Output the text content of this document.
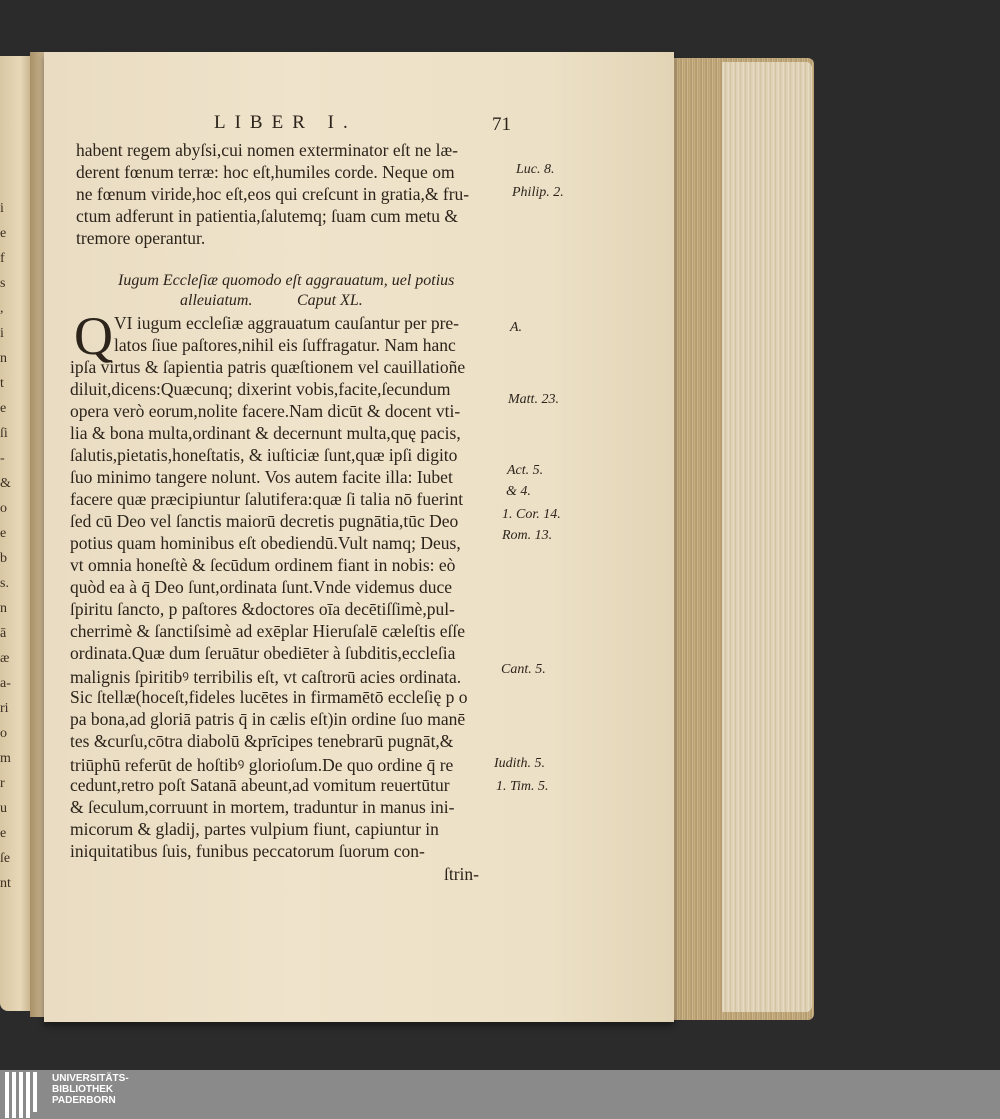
i
e
f
s
,
i
n
t
e
ſi
-
&
o
e
b
s.
n
ā
æ
a-
ri
o
m
r
u
e
ſe
nt
LIBER I.	71
habent regem abyſsi,cui nomen exterminator eſt ne læ-
derent fœnum terræ: hoc eſt,humiles corde. Neque om
ne fœnum viride,hoc eſt,eos qui creſcunt in gratia,& fru-
ctum adferunt in patientia,ſalutemq; ſuam cum metu &
tremore operantur.
Iugum Eccleſiæ quomodo eſt aggrauatum, uel potius
alleuiatum.	Caput XL.
Q VI iugum eccleſiæ aggrauatum cauſantur per pre-
latos ſiue paſtores,nihil eis ſuffragatur. Nam hanc
ipſa virtus & ſapientia patris quæſtionem vel cauillatioñe
diluit,dicens:Quæcunq; dixerint vobis,facite,ſecundum
opera verò eorum,nolite facere.Nam dicūt & docent vti-
lia & bona multa,ordinant & decernunt multa,quę pacis,
ſalutis,pietatis,honeſtatis, & iuſticiæ ſunt,quæ ipſi digito
ſuo minimo tangere nolunt. Vos autem facite illa: Iubet
facere quæ præcipiuntur ſalutifera:quæ ſi talia nō fuerint
ſed cū Deo vel ſanctis maiorū decretis pugnātia,tūc Deo
potius quam hominibus eſt obediendū.Vult namq; Deus,
vt omnia honeſtè & ſecūdum ordinem fiant in nobis: eò
quòd ea à q̄ Deo ſunt,ordinata ſunt.Vnde videmus duce
ſpiritu ſancto, p paſtores &doctores oīa decētiſſimè,pul-
cherrimè & ſanctiſsimè ad exēplar Hieruſalē cæleſtis eſſe
ordinata.Quæ dum ſeruātur obediēter à ſubditis,eccleſia
malignis ſpiritibꝰ terribilis eſt, vt caſtrorū acies ordinata.
Sic ſtellæ(hoceſt,fideles lucētes in firmamētō eccleſię p o
pa bona,ad gloriā patris q̄ in cælis eſt)in ordine ſuo manē
tes &curſu,cōtra diabolū &prīcipes tenebrarū pugnāt,&
triūphū referūt de hoſtibꝰ glorioſum.De quo ordine q̄ re
cedunt,retro poſt Satanā abeunt,ad vomitum reuertūtur
& ſeculum,corruunt in mortem, traduntur in manus ini-
micorum & gladij, partes vulpium fiunt, capiuntur in
iniquitatibus ſuis, funibus peccatorum ſuorum con-
ſtrin-
Luc. 8.
Philip. 2.
A.
Matt. 23.
Act. 5.
& 4.
1. Cor. 14.
Rom. 13.
Cant. 5.
Iudith. 5.
1. Tim. 5.
UNIVERSITÄTS-
BIBLIOTHEK
PADERBORN
